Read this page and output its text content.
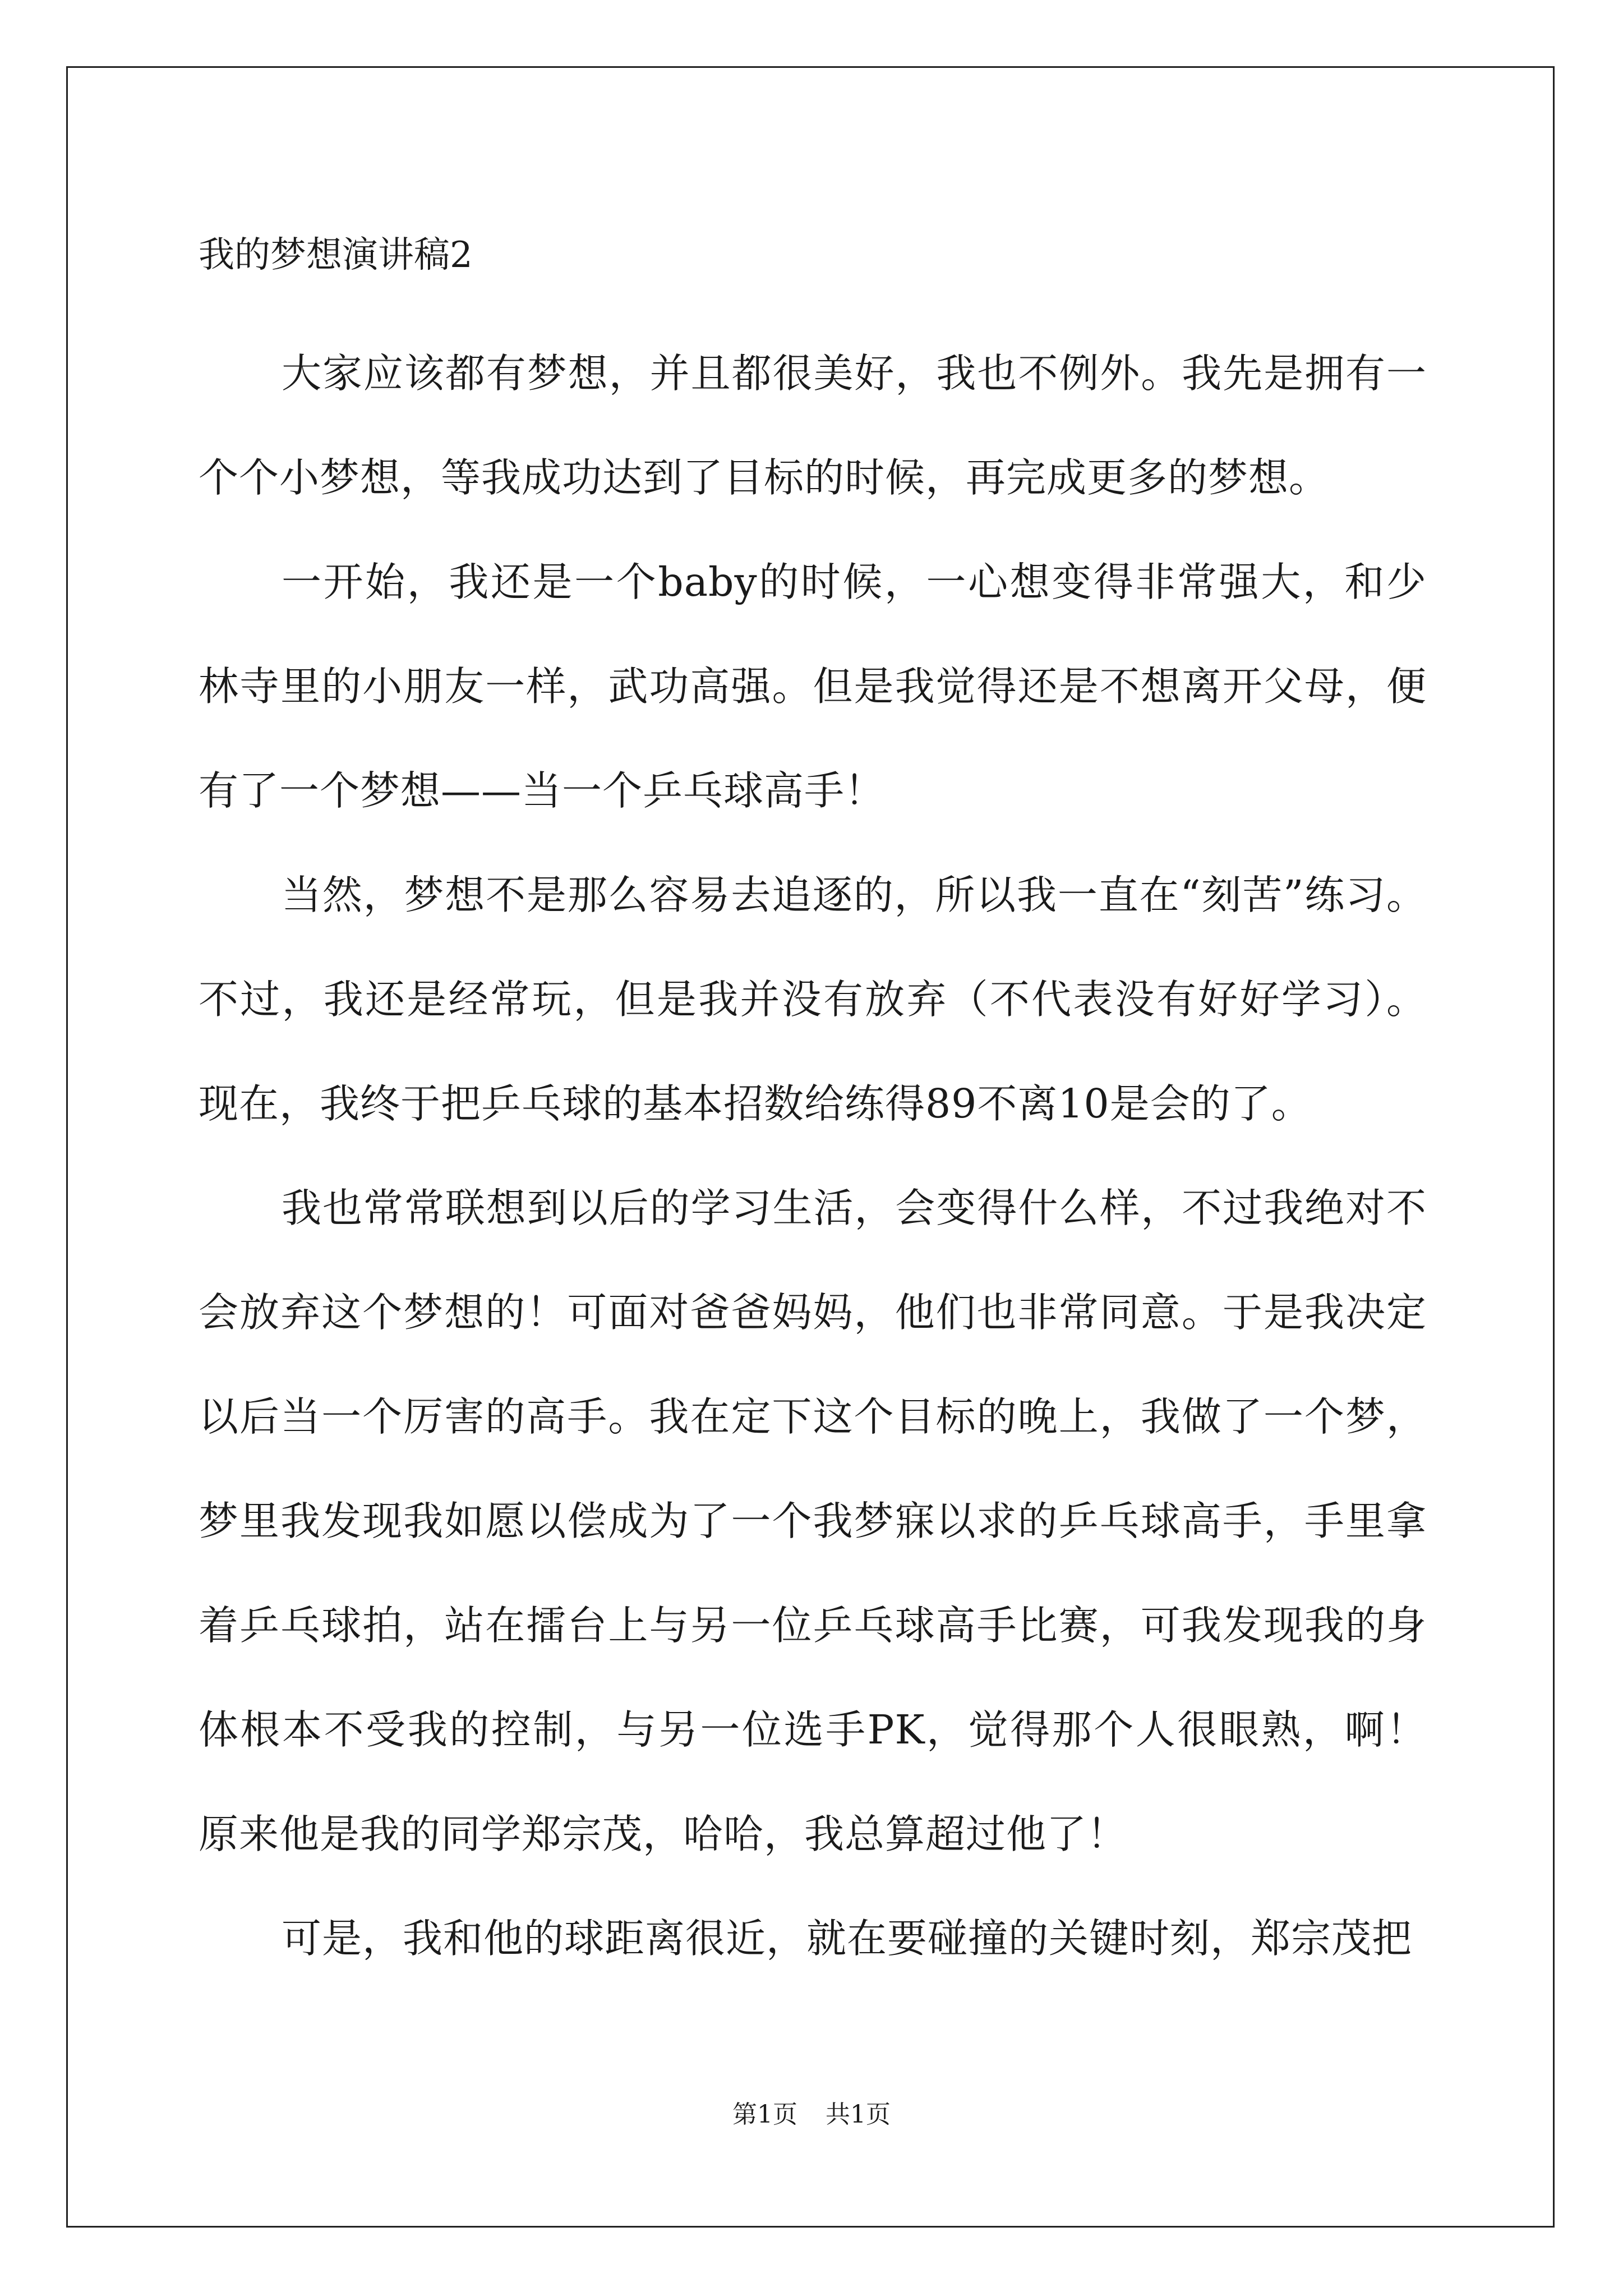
我的梦想演讲稿2

大家应该都有梦想，并且都很美好，我也不例外。我先是拥有一个个小梦想，等我成功达到了目标的时候，再完成更多的梦想。

一开始，我还是一个baby的时候，一心想变得非常强大，和少林寺里的小朋友一样，武功高强。但是我觉得还是不想离开父母，便有了一个梦想——当一个乒乓球高手！

当然，梦想不是那么容易去追逐的，所以我一直在“刻苦”练习。不过，我还是经常玩，但是我并没有放弃（不代表没有好好学习）。现在，我终于把乒乓球的基本招数给练得89不离10是会的了。

我也常常联想到以后的学习生活，会变得什么样，不过我绝对不会放弃这个梦想的！可面对爸爸妈妈，他们也非常同意。于是我决定以后当一个厉害的高手。我在定下这个目标的晚上，我做了一个梦，梦里我发现我如愿以偿成为了一个我梦寐以求的乒乓球高手，手里拿着乒乓球拍，站在擂台上与另一位乒乓球高手比赛，可我发现我的身体根本不受我的控制，与另一位选手PK，觉得那个人很眼熟，啊！原来他是我的同学郑宗茂，哈哈，我总算超过他了！

可是，我和他的球距离很近，就在要碰撞的关键时刻，郑宗茂把

第1页 共1页
